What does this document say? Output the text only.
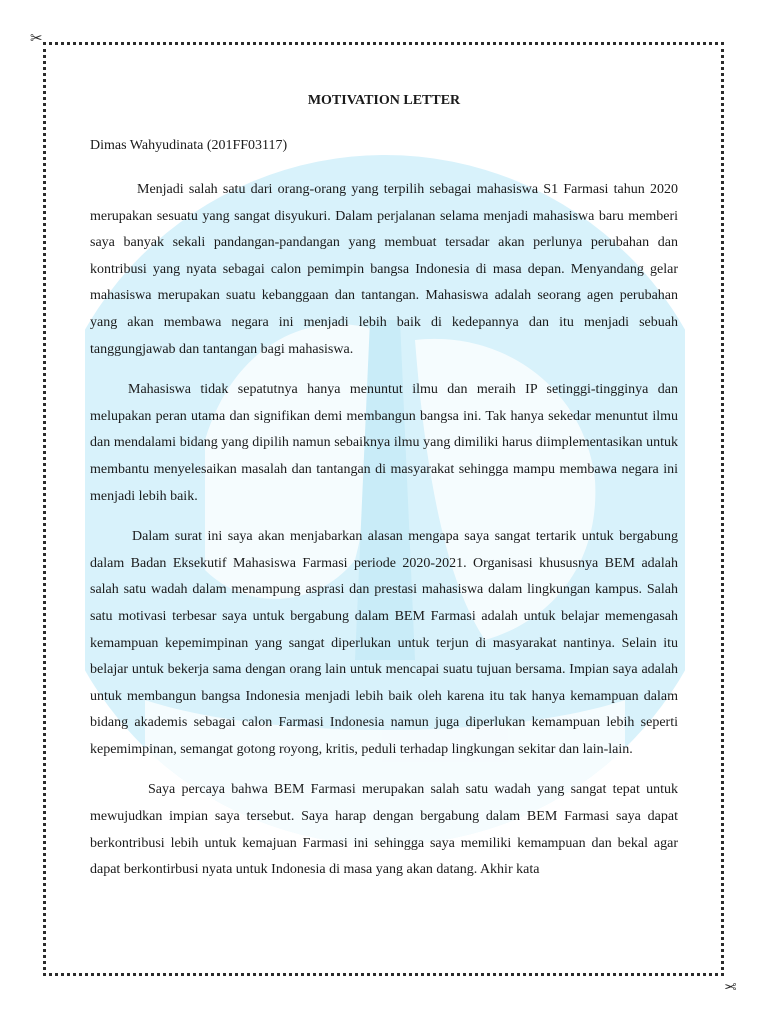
✂
✂

MOTIVATION LETTER

Dimas Wahyudinata (201FF03117)

Menjadi salah satu dari orang-orang yang terpilih sebagai mahasiswa S1 Farmasi tahun 2020 merupakan sesuatu yang sangat disyukuri. Dalam perjalanan selama menjadi mahasiswa baru memberi saya banyak sekali pandangan-pandangan yang membuat tersadar akan perlunya perubahan dan kontribusi yang nyata sebagai calon pemimpin bangsa Indonesia di masa depan. Menyandang gelar mahasiswa merupakan suatu kebanggaan dan tantangan. Mahasiswa adalah seorang agen perubahan yang akan membawa negara ini menjadi lebih baik di kedepannya dan itu menjadi sebuah tanggungjawab dan tantangan bagi mahasiswa.

Mahasiswa tidak sepatutnya hanya menuntut ilmu dan meraih IP setinggi-tingginya dan melupakan peran utama dan signifikan demi membangun bangsa ini. Tak hanya sekedar menuntut ilmu dan mendalami bidang yang dipilih namun sebaiknya ilmu yang dimiliki harus diimplementasikan untuk membantu menyelesaikan masalah dan tantangan di masyarakat sehingga mampu membawa negara ini menjadi lebih baik.

Dalam surat ini saya akan menjabarkan alasan mengapa saya sangat tertarik untuk bergabung dalam Badan Eksekutif Mahasiswa Farmasi periode 2020-2021. Organisasi khususnya BEM adalah salah satu wadah dalam menampung asprasi dan prestasi mahasiswa dalam lingkungan kampus. Salah satu motivasi terbesar saya untuk bergabung dalam BEM Farmasi adalah untuk belajar memengasah kemampuan kepemimpinan yang sangat diperlukan untuk terjun di masyarakat nantinya. Selain itu belajar untuk bekerja sama dengan orang lain untuk mencapai suatu tujuan bersama. Impian saya adalah untuk membangun bangsa Indonesia menjadi lebih baik oleh karena itu tak hanya kemampuan dalam bidang akademis sebagai calon Farmasi Indonesia namun juga diperlukan kemampuan lebih seperti kepemimpinan, semangat gotong royong, kritis, peduli terhadap lingkungan sekitar dan lain-lain.

Saya percaya bahwa BEM Farmasi merupakan salah satu wadah yang sangat tepat untuk mewujudkan impian saya tersebut. Saya harap dengan bergabung dalam BEM Farmasi saya dapat berkontribusi lebih untuk kemajuan Farmasi ini sehingga saya memiliki kemampuan dan bekal agar dapat berkontirbusi nyata untuk Indonesia di masa yang akan datang. Akhir kata
